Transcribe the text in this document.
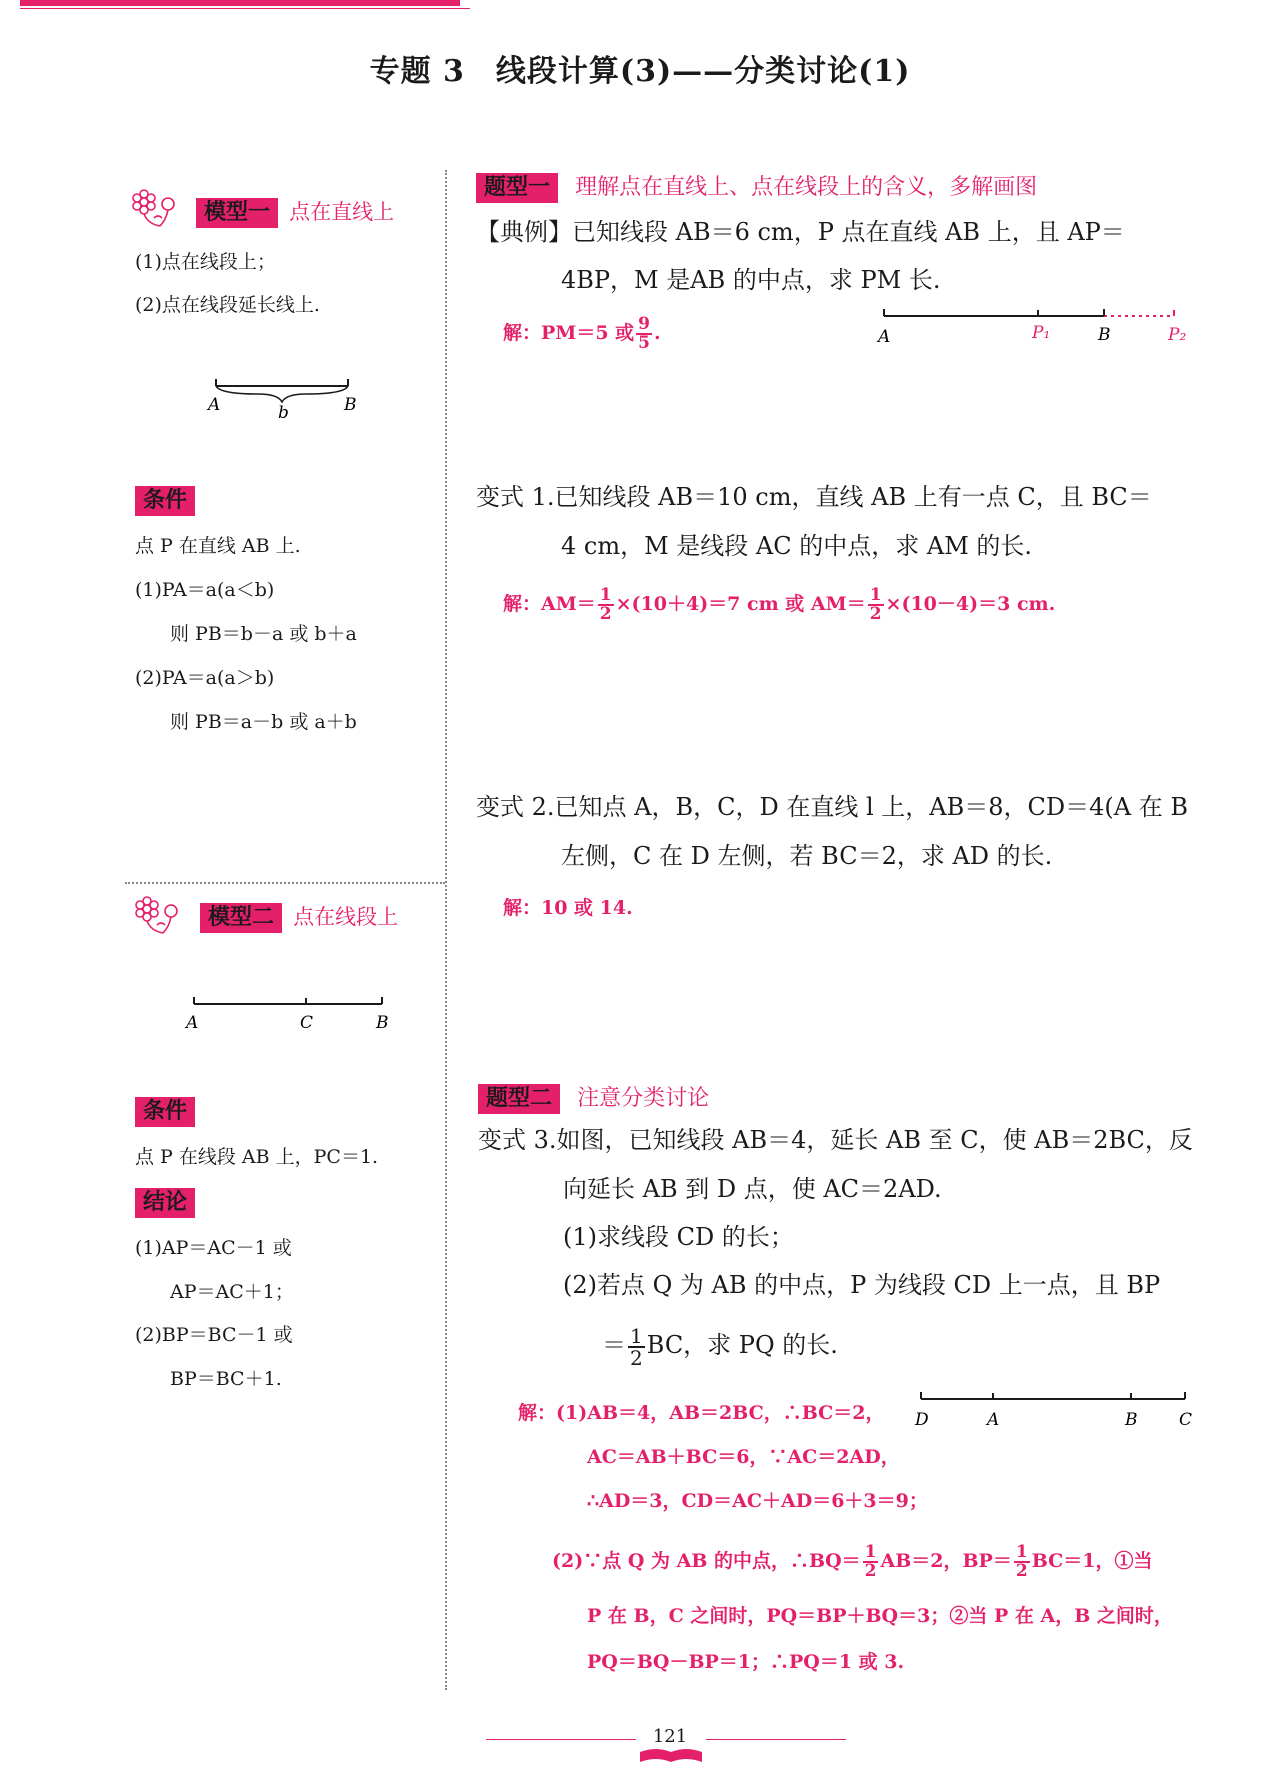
专题 3　线段计算(3)——分类讨论(1)
模型一 点在直线上
(1)点在线段上；
(2)点在线段延长线上.
A	b	B
条件
点 P 在直线 AB 上.
(1)PA＝a(a＜b)
则 PB＝b－a 或 b＋a
(2)PA＝a(a＞b)
则 PB＝a－b 或 a＋b
模型二 点在线段上
A	C	B
条件
点 P 在线段 AB 上，PC＝1.
结论
(1)AP＝AC－1 或
AP＝AC＋1；
(2)BP＝BC－1 或
BP＝BC＋1.
题型一 理解点在直线上、点在线段上的含义，多解画图
【典例】已知线段 AB＝6 cm，P 点在直线 AB 上，且 AP＝
4BP，M 是AB 的中点，求 PM 长.
解：PM＝5 或 $\frac{9}{5}$ .	A	P₁	B	P₂
变式 1.已知线段 AB＝10 cm，直线 AB 上有一点 C，且 BC＝
4 cm，M 是线段 AC 的中点，求 AM 的长.
解：$AM= \frac{1}{2} \times(10+4)=7$ cm 或 $AM= \frac{1}{2} \times(10-4)=3$ cm.
变式 2.已知点 A，B，C，D 在直线 l 上，AB＝8，CD＝4(A 在 B
左侧，C 在 D 左侧，若 BC＝2，求 AD 的长.
解：10 或 14.
题型二 注意分类讨论
变式 3.如图，已知线段 AB＝4，延长 AB 至 C，使 AB＝2BC，反
向延长 AB 到 D 点，使 AC＝2AD.
(1)求线段 CD 的长；
(2)若点 Q 为 AB 的中点，P 为线段 CD 上一点，且 BP
＝ $\frac{1}{2}$ BC，求 PQ 的长.
D	A	B C
解：(1)AB＝4，AB＝2BC，∴BC＝2，
AC＝AB＋BC＝6，∵AC＝2AD，
∴AD＝3，CD＝AC＋AD＝6＋3＝9；
(2)∵点 Q 为 AB 的中点，∴BQ＝ $\frac{1}{2} AB=2$，$BP= \frac{1}{2} BC=1$，①当
P 在 B，C 之间时，PQ＝BP＋BQ＝3；②当 P 在 A，B 之间时，
PQ＝BQ－BP＝1；∴PQ＝1 或 3.
121
